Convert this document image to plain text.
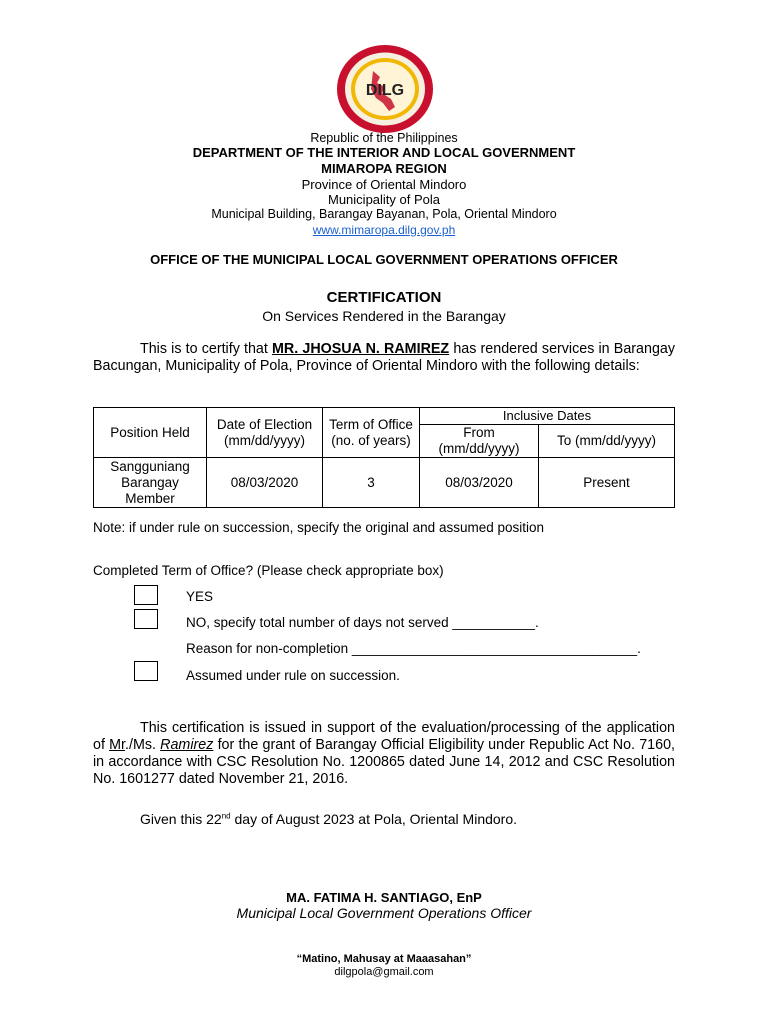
DILG
Republic of the Philippines
DEPARTMENT OF THE INTERIOR AND LOCAL GOVERNMENT
MIMAROPA REGION
Province of Oriental Mindoro
Municipality of Pola
Municipal Building, Barangay Bayanan, Pola, Oriental Mindoro
www.mimaropa.dilg.gov.ph
OFFICE OF THE MUNICIPAL LOCAL GOVERNMENT OPERATIONS OFFICER
CERTIFICATION
On Services Rendered in the Barangay
This is to certify that MR. JHOSUA N. RAMIREZ has rendered services in Barangay Bacungan, Municipality of Pola, Province of Oriental Mindoro with the following details:
Position Held	Date of Election (mm/dd/yyyy)	Term of Office (no. of years)	Inclusive Dates	
			From (mm/dd/yyyy)	To (mm/dd/yyyy)
Sangguniang Barangay Member	08/03/2020	3	08/03/2020	Present
Note: if under rule on succession, specify the original and assumed position
Completed Term of Office? (Please check appropriate box)
YES
NO, specify total number of days not served ___________.
Reason for non-completion ______________________________________.
Assumed under rule on succession.
This certification is issued in support of the evaluation/processing of the application of Mr./Ms. Ramirez for the grant of Barangay Official Eligibility under Republic Act No. 7160, in accordance with CSC Resolution No. 1200865 dated June 14, 2012 and CSC Resolution No. 1601277 dated November 21, 2016.
Given this 22nd day of August 2023 at Pola, Oriental Mindoro.
MA. FATIMA H. SANTIAGO, EnP
Municipal Local Government Operations Officer
“Matino, Mahusay at Maaasahan”
dilgpola@gmail.com
